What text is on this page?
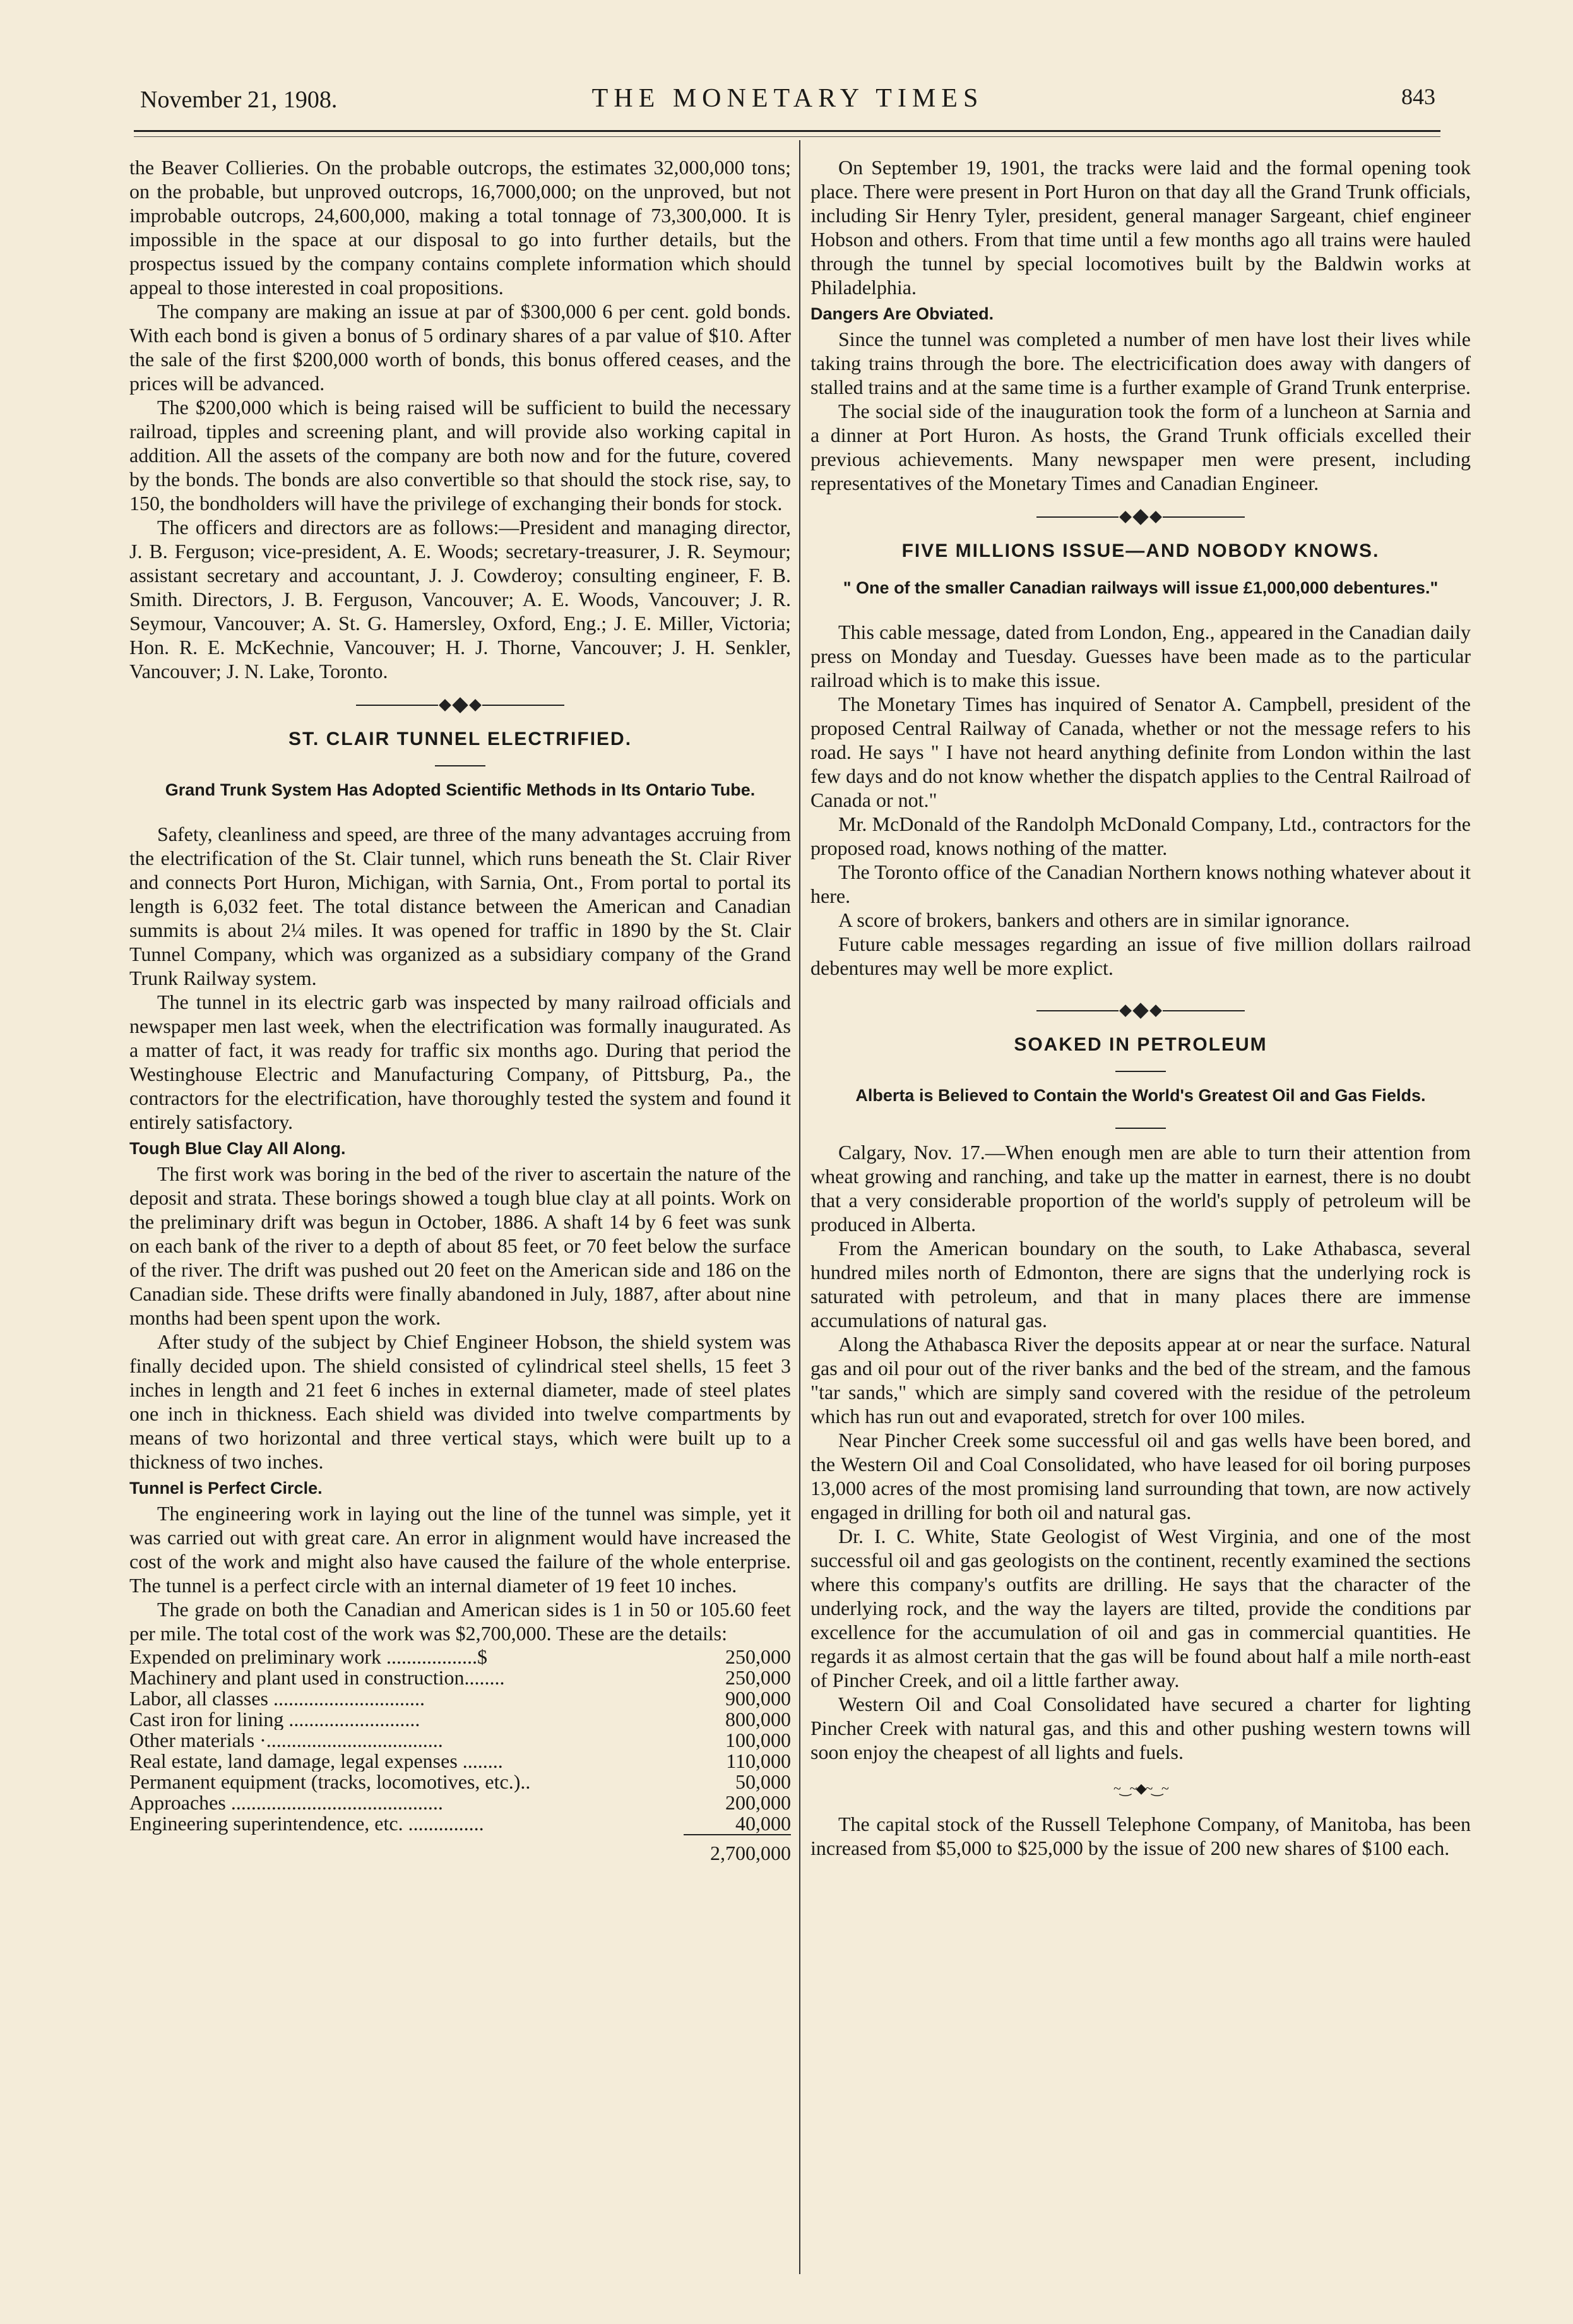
November 21, 1908.	THE MONETARY TIMES	843

the Beaver Collieries. On the probable outcrops, the estimates 32,000,000 tons; on the probable, but unproved outcrops, 16,7000,000; on the unproved, but not improbable outcrops, 24,600,000, making a total tonnage of 73,300,000. It is impossible in the space at our disposal to go into further details, but the prospectus issued by the company contains complete information which should appeal to those interested in coal propositions.

The company are making an issue at par of $300,000 6 per cent. gold bonds. With each bond is given a bonus of 5 ordinary shares of a par value of $10. After the sale of the first $200,000 worth of bonds, this bonus offered ceases, and the prices will be advanced.

The $200,000 which is being raised will be sufficient to build the necessary railroad, tipples and screening plant, and will provide also working capital in addition. All the assets of the company are both now and for the future, covered by the bonds. The bonds are also convertible so that should the stock rise, say, to 150, the bondholders will have the privilege of exchanging their bonds for stock.

The officers and directors are as follows:—President and managing director, J. B. Ferguson; vice-president, A. E. Woods; secretary-treasurer, J. R. Seymour; assistant secretary and accountant, J. J. Cowderoy; consulting engineer, F. B. Smith. Directors, J. B. Ferguson, Vancouver; A. E. Woods, Vancouver; J. R. Seymour, Vancouver; A. St. G. Hamersley, Oxford, Eng.; J. E. Miller, Victoria; Hon. R. E. McKechnie, Vancouver; H. J. Thorne, Vancouver; J. H. Senkler, Vancouver; J. N. Lake, Toronto.

ST. CLAIR TUNNEL ELECTRIFIED.
Grand Trunk System Has Adopted Scientific Methods in Its Ontario Tube.

Safety, cleanliness and speed, are three of the many advantages accruing from the electrification of the St. Clair tunnel, which runs beneath the St. Clair River and connects Port Huron, Michigan, with Sarnia, Ont., From portal to portal its length is 6,032 feet. The total distance between the American and Canadian summits is about 2¼ miles. It was opened for traffic in 1890 by the St. Clair Tunnel Company, which was organized as a subsidiary company of the Grand Trunk Railway system.

The tunnel in its electric garb was inspected by many railroad officials and newspaper men last week, when the electrification was formally inaugurated. As a matter of fact, it was ready for traffic six months ago. During that period the Westinghouse Electric and Manufacturing Company, of Pittsburg, Pa., the contractors for the electrification, have thoroughly tested the system and found it entirely satisfactory.

Tough Blue Clay All Along.

The first work was boring in the bed of the river to ascertain the nature of the deposit and strata. These borings showed a tough blue clay at all points. Work on the preliminary drift was begun in October, 1886. A shaft 14 by 6 feet was sunk on each bank of the river to a depth of about 85 feet, or 70 feet below the surface of the river. The drift was pushed out 20 feet on the American side and 186 on the Canadian side. These drifts were finally abandoned in July, 1887, after about nine months had been spent upon the work.

After study of the subject by Chief Engineer Hobson, the shield system was finally decided upon. The shield consisted of cylindrical steel shells, 15 feet 3 inches in length and 21 feet 6 inches in external diameter, made of steel plates one inch in thickness. Each shield was divided into twelve compartments by means of two horizontal and three vertical stays, which were built up to a thickness of two inches.

Tunnel is Perfect Circle.

The engineering work in laying out the line of the tunnel was simple, yet it was carried out with great care. An error in alignment would have increased the cost of the work and might also have caused the failure of the whole enterprise. The tunnel is a perfect circle with an internal diameter of 19 feet 10 inches.

The grade on both the Canadian and American sides is 1 in 50 or 105.60 feet per mile. The total cost of the work was $2,700,000. These are the details:

Expended on preliminary work ..................$	250,000
Machinery and plant used in construction........	250,000
Labor, all classes ..............................	900,000
Cast iron for lining ..........................	800,000
Other materials ·...................................	100,000
Real estate, land damage, legal expenses ........	110,000
Permanent equipment (tracks, locomotives, etc.)..	50,000
Approaches ..........................................	200,000
Engineering superintendence, etc. ...............	40,000

	2,700,000

On September 19, 1901, the tracks were laid and the formal opening took place. There were present in Port Huron on that day all the Grand Trunk officials, including Sir Henry Tyler, president, general manager Sargeant, chief engineer Hobson and others. From that time until a few months ago all trains were hauled through the tunnel by special locomotives built by the Baldwin works at Philadelphia.

Dangers Are Obviated.

Since the tunnel was completed a number of men have lost their lives while taking trains through the bore. The electricification does away with dangers of stalled trains and at the same time is a further example of Grand Trunk enterprise.

The social side of the inauguration took the form of a luncheon at Sarnia and a dinner at Port Huron. As hosts, the Grand Trunk officials excelled their previous achievements. Many newspaper men were present, including representatives of the Monetary Times and Canadian Engineer.

FIVE MILLIONS ISSUE—AND NOBODY KNOWS.
" One of the smaller Canadian railways will issue £1,000,000 debentures."

This cable message, dated from London, Eng., appeared in the Canadian daily press on Monday and Tuesday. Guesses have been made as to the particular railroad which is to make this issue.

The Monetary Times has inquired of Senator A. Campbell, president of the proposed Central Railway of Canada, whether or not the message refers to his road. He says " I have not heard anything definite from London within the last few days and do not know whether the dispatch applies to the Central Railroad of Canada or not."

Mr. McDonald of the Randolph McDonald Company, Ltd., contractors for the proposed road, knows nothing of the matter.

The Toronto office of the Canadian Northern knows nothing whatever about it here.

A score of brokers, bankers and others are in similar ignorance.

Future cable messages regarding an issue of five million dollars railroad debentures may well be more explict.

SOAKED IN PETROLEUM
Alberta is Believed to Contain the World's Greatest Oil and Gas Fields.

Calgary, Nov. 17.—When enough men are able to turn their attention from wheat growing and ranching, and take up the matter in earnest, there is no doubt that a very considerable proportion of the world's supply of petroleum will be produced in Alberta.

From the American boundary on the south, to Lake Athabasca, several hundred miles north of Edmonton, there are signs that the underlying rock is saturated with petroleum, and that in many places there are immense accumulations of natural gas.

Along the Athabasca River the deposits appear at or near the surface. Natural gas and oil pour out of the river banks and the bed of the stream, and the famous "tar sands," which are simply sand covered with the residue of the petroleum which has run out and evaporated, stretch for over 100 miles.

Near Pincher Creek some successful oil and gas wells have been bored, and the Western Oil and Coal Consolidated, who have leased for oil boring purposes 13,000 acres of the most promising land surrounding that town, are now actively engaged in drilling for both oil and natural gas.

Dr. I. C. White, State Geologist of West Virginia, and one of the most successful oil and gas geologists on the continent, recently examined the sections where this company's outfits are drilling. He says that the character of the underlying rock, and the way the layers are tilted, provide the conditions par excellence for the accumulation of oil and gas in commercial quantities. He regards it as almost certain that the gas will be found about half a mile north-east of Pincher Creek, and oil a little farther away.

Western Oil and Coal Consolidated have secured a charter for lighting Pincher Creek with natural gas, and this and other pushing western towns will soon enjoy the cheapest of all lights and fuels.

~‿~◆~‿~

The capital stock of the Russell Telephone Company, of Manitoba, has been increased from $5,000 to $25,000 by the issue of 200 new shares of $100 each.
